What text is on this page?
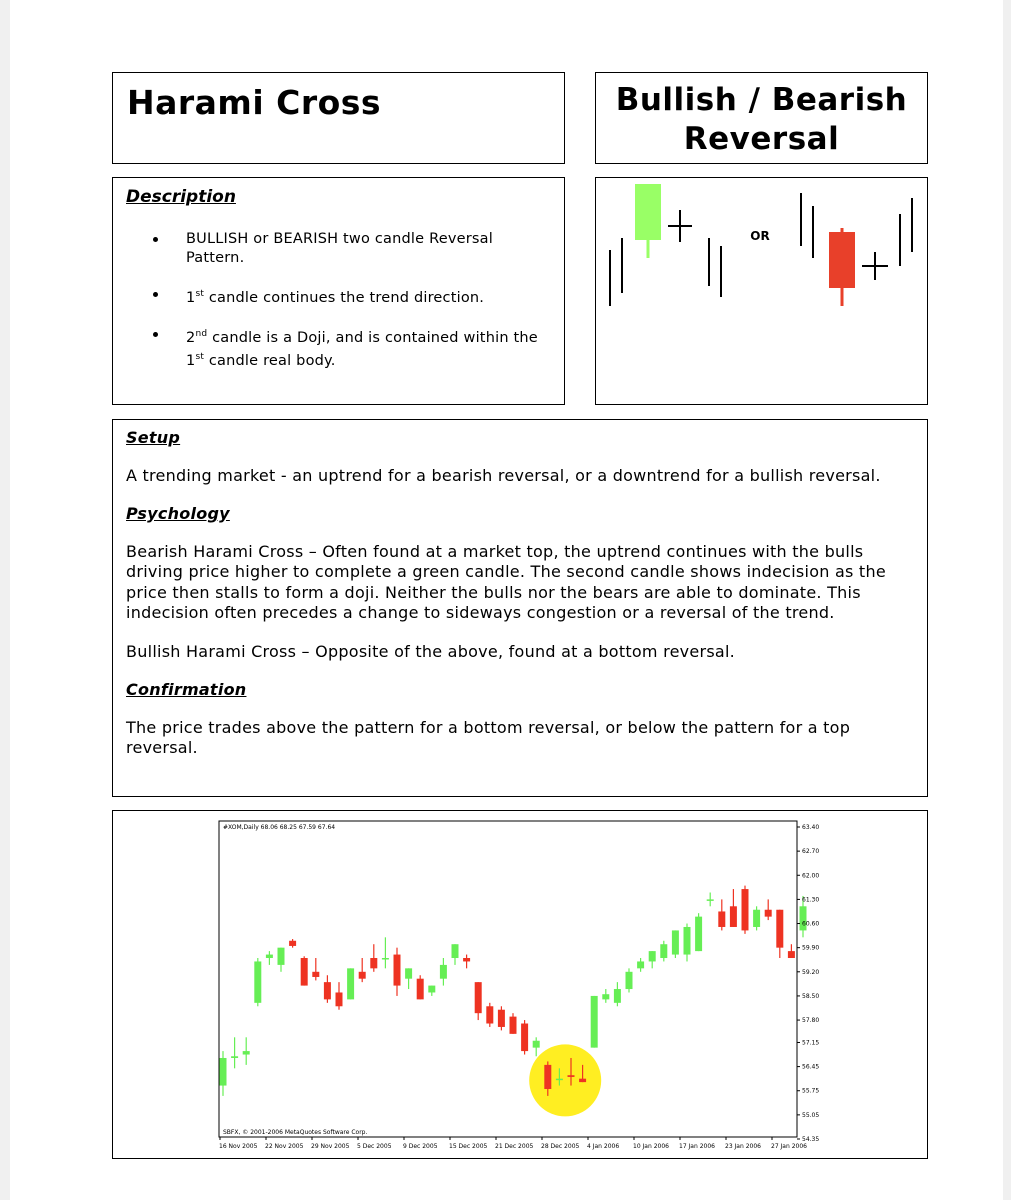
Harami Cross	Bullish / Bearish
Reversal

Description

BULLISH or BEARISH two candle Reversal Pattern.
1st candle continues the trend direction.
2nd candle is a Doji, and is contained within the
1st candle real body.
OR

Setup

A trending market - an uptrend for a bearish reversal, or a downtrend for a bullish reversal.

Psychology

Bearish Harami Cross – Often found at a market top, the uptrend continues with the bulls driving price higher to complete a green candle. The second candle shows indecision as the price then stalls to form a doji. Neither the bulls nor the bears are able to dominate. This indecision often precedes a change to sideways congestion or a reversal of the trend.

Bullish Harami Cross – Opposite of the above, found at a bottom reversal.

Confirmation

The price trades above the pattern for a bottom reversal, or below the pattern for a top reversal.

#XOM,Daily 68.06 68.25 67.59 67.64
SBFX, © 2001-2006 MetaQuotes Software Corp.
63.40
62.70
62.00
61.30
60.60
59.90
59.20
58.50
57.80
57.15
56.45
55.75
55.05
54.35
16 Nov 2005 22 Nov 2005 29 Nov 2005 5 Dec 2005 9 Dec 2005 15 Dec 2005 21 Dec 2005 28 Dec 2005 4 Jan 2006 10 Jan 2006 17 Jan 2006 23 Jan 2006 27 Jan 2006
